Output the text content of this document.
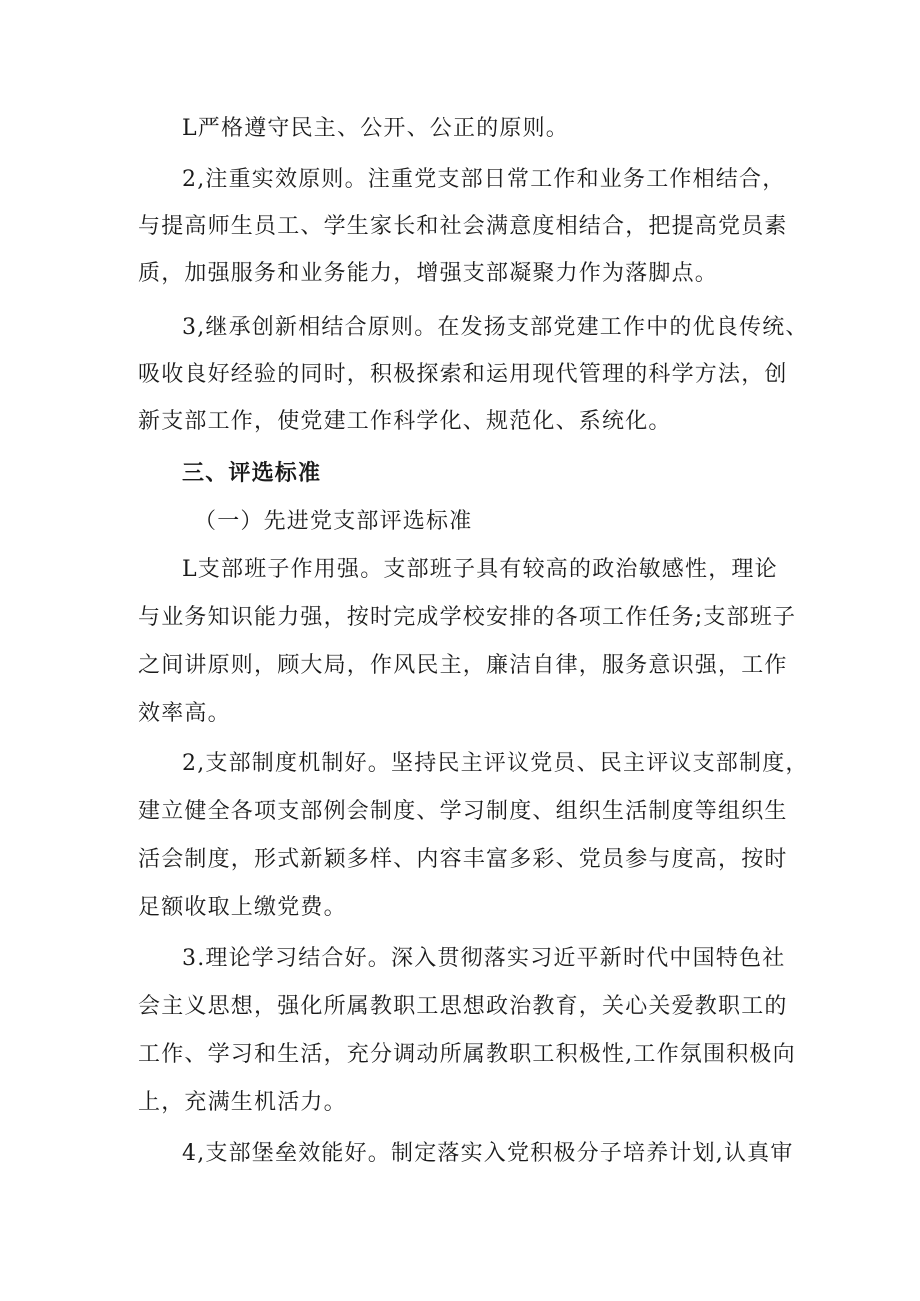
L严格遵守民主、公开、公正的原则。
2,注重实效原则。注重党支部日常工作和业务工作相结合，
与提高师生员工、学生家长和社会满意度相结合，把提高党员素
质，加强服务和业务能力，增强支部凝聚力作为落脚点。
3,继承创新相结合原则。在发扬支部党建工作中的优良传统、
吸收良好经验的同时，积极探索和运用现代管理的科学方法，创
新支部工作，使党建工作科学化、规范化、系统化。
三、评选标准
（一）先进党支部评选标准
L支部班子作用强。支部班子具有较高的政治敏感性，理论
与业务知识能力强，按时完成学校安排的各项工作任务;支部班子
之间讲原则，顾大局，作风民主，廉洁自律，服务意识强，工作
效率高。
2,支部制度机制好。坚持民主评议党员、民主评议支部制度，
建立健全各项支部例会制度、学习制度、组织生活制度等组织生
活会制度，形式新颖多样、内容丰富多彩、党员参与度高，按时
足额收取上缴党费。
3.理论学习结合好。深入贯彻落实习近平新时代中国特色社
会主义思想，强化所属教职工思想政治教育，关心关爱教职工的
工作、学习和生活，充分调动所属教职工积极性,工作氛围积极向
上，充满生机活力。
4,支部堡垒效能好。制定落实入党积极分子培养计划,认真审
